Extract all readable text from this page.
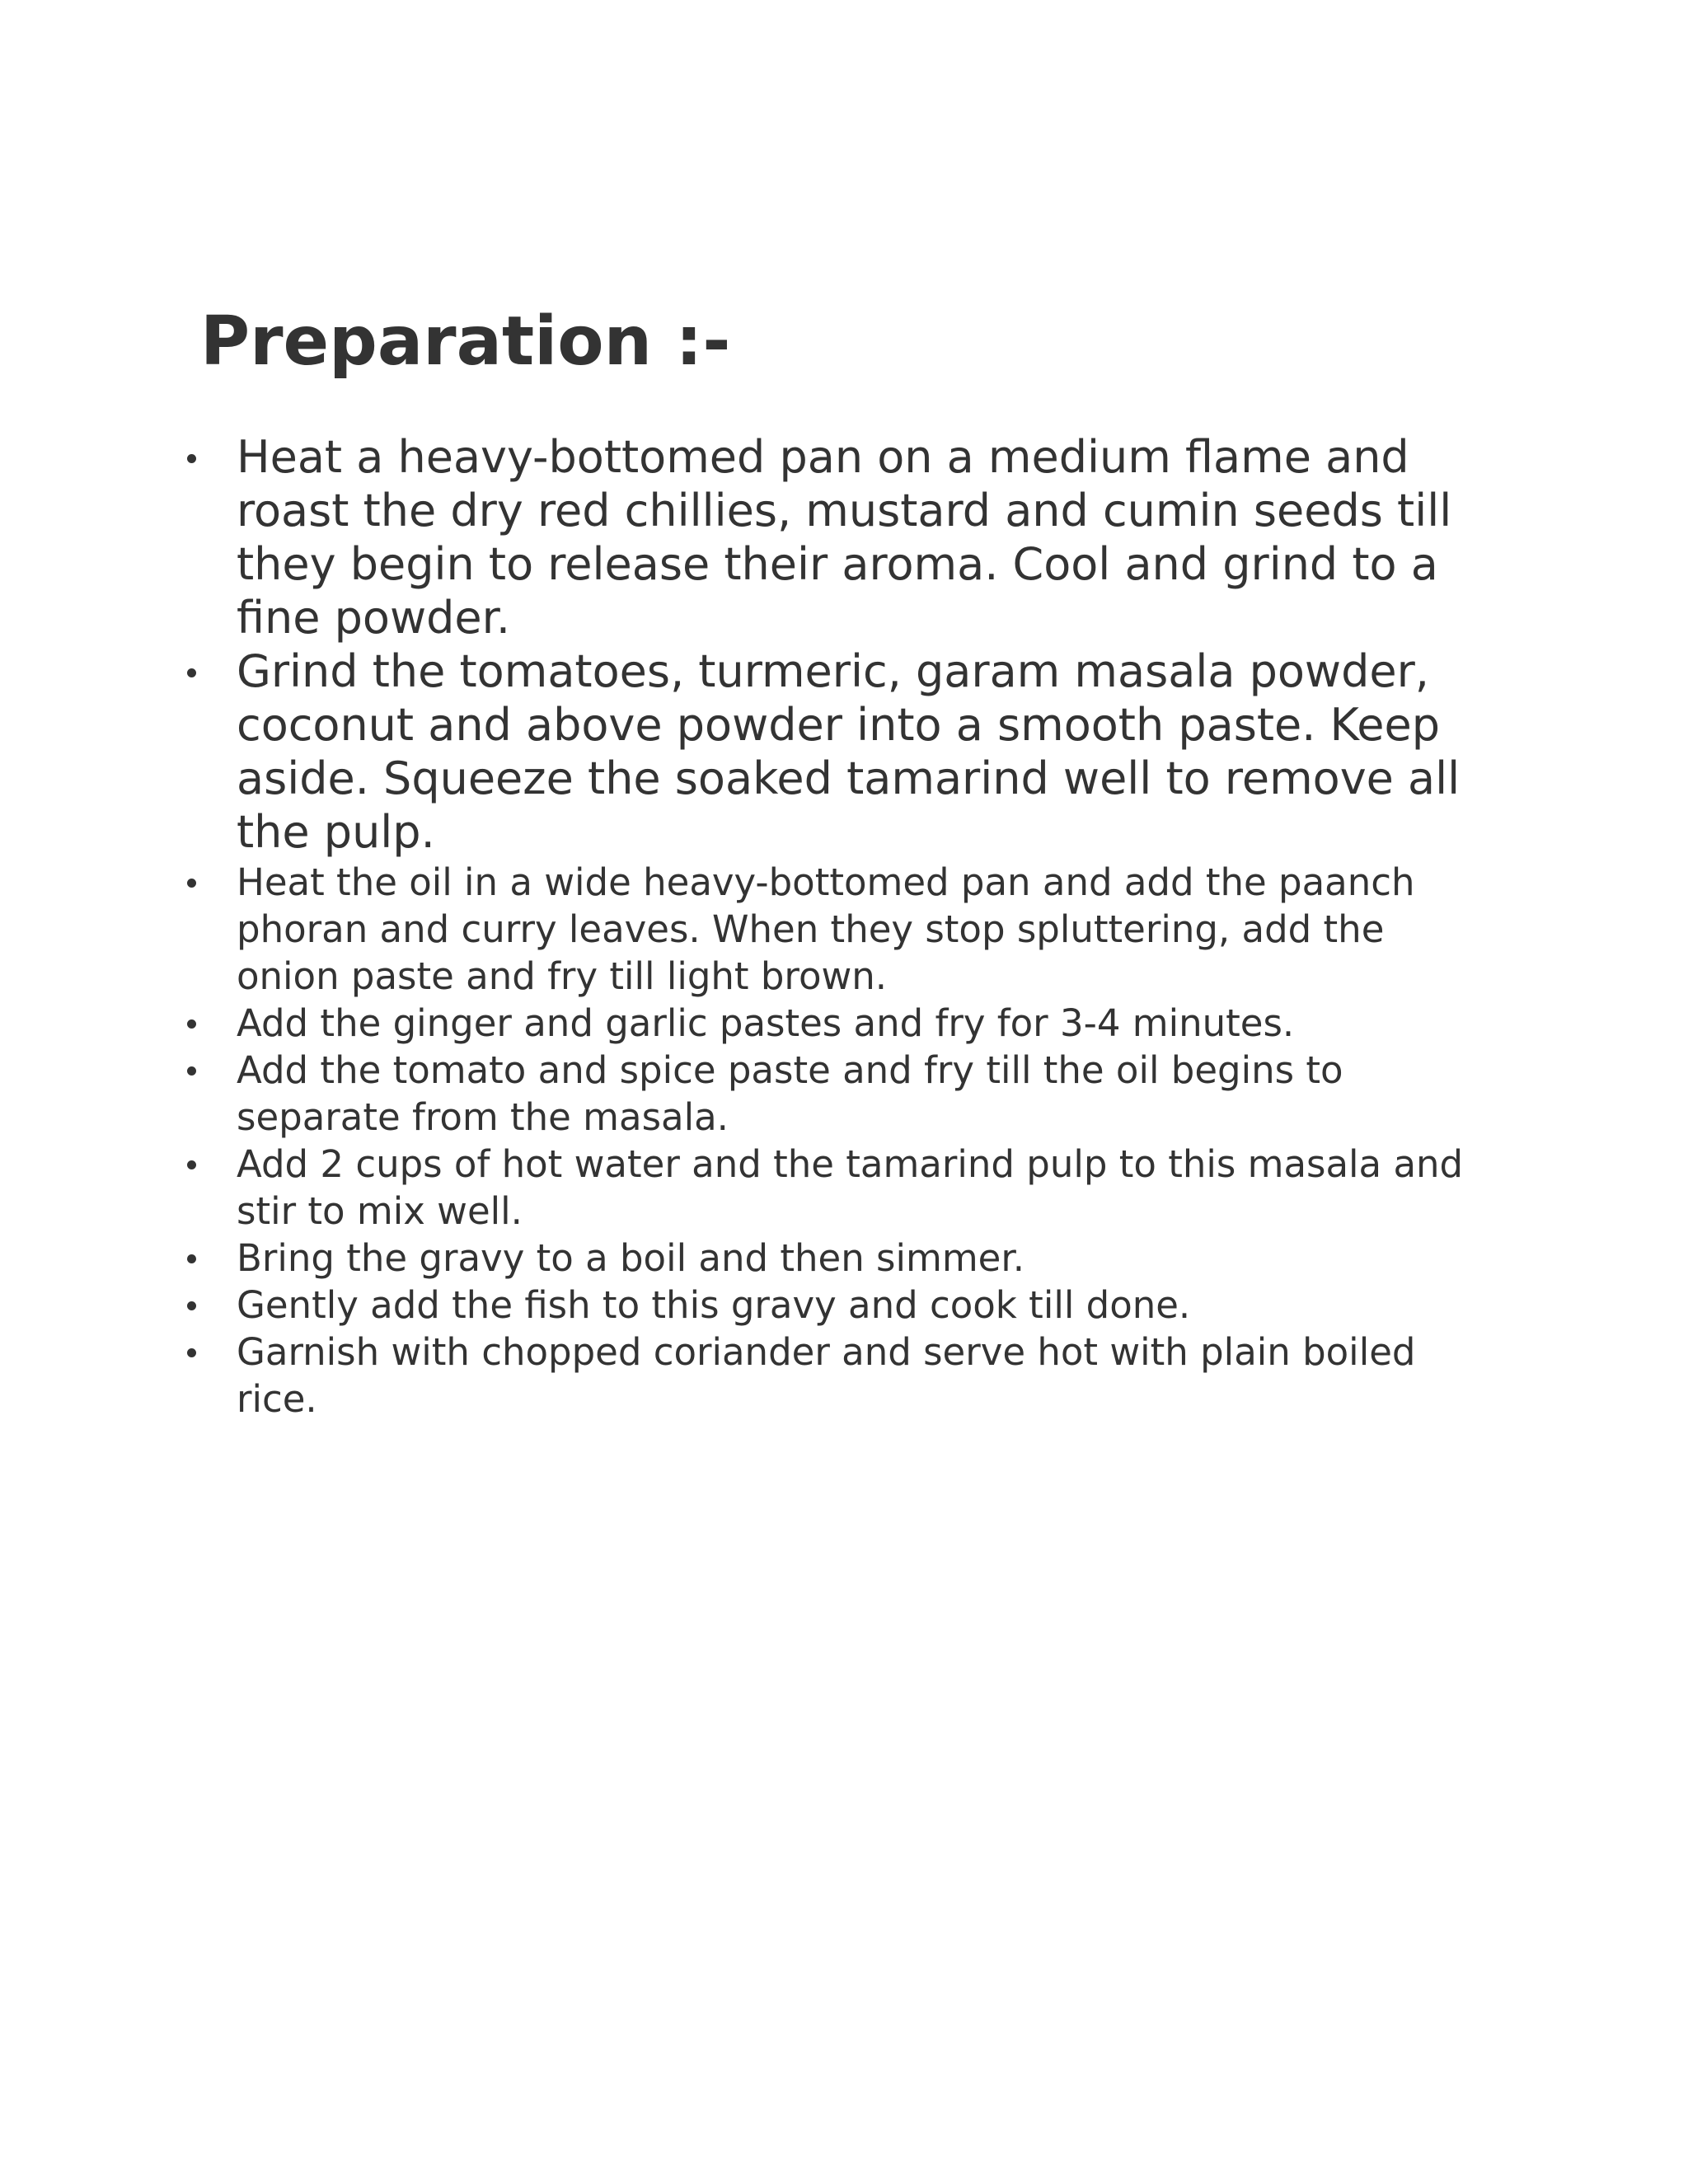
Preparation :-
Heat a heavy-bottomed pan on a medium flame and roast the dry red chillies, mustard and cumin seeds till they begin to release their aroma. Cool and grind to a fine powder.
Grind the tomatoes, turmeric, garam masala powder, coconut and above powder into a smooth paste. Keep aside. Squeeze the soaked tamarind well to remove all the pulp.
Heat the oil in a wide heavy-bottomed pan and add the paanch phoran and curry leaves. When they stop spluttering, add the onion paste and fry till light brown.
Add the ginger and garlic pastes and fry for 3-4 minutes.
Add the tomato and spice paste and fry till the oil begins to separate from the masala.
Add 2 cups of hot water and the tamarind pulp to this masala and stir to mix well.
Bring the gravy to a boil and then simmer.
Gently add the fish to this gravy and cook till done.
Garnish with chopped coriander and serve hot with plain boiled rice.
